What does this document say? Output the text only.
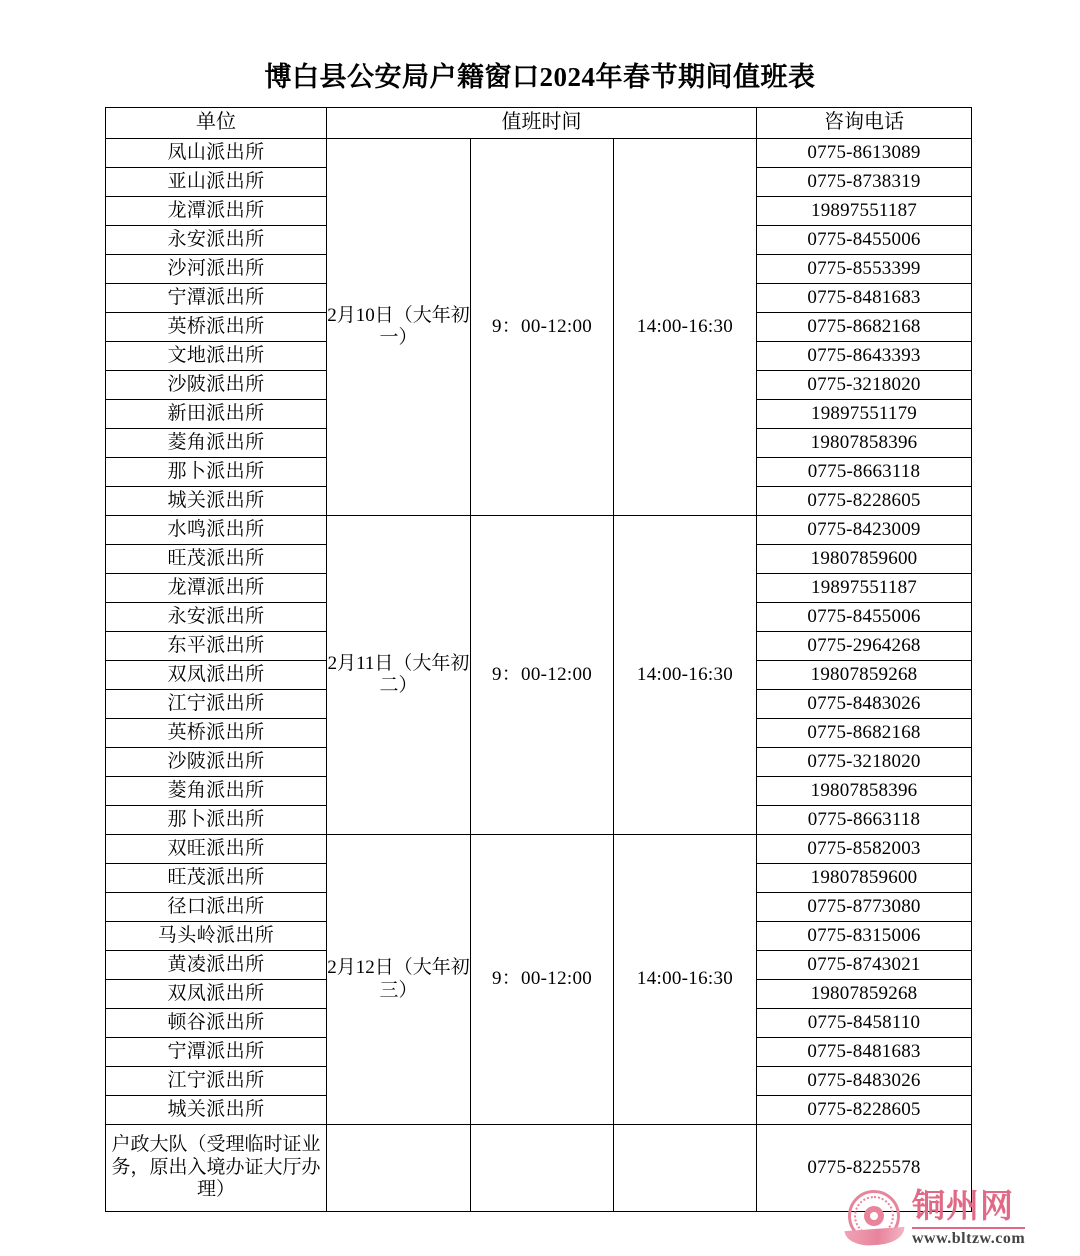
博白县公安局户籍窗口2024年春节期间值班表
单位	值班时间			咨询电话
凤山派出所	2月10日（大年初一）	9：00-12:00	14:00-16:30	0775-8613089
亚山派出所				0775-8738319
龙潭派出所				19897551187
永安派出所				0775-8455006
沙河派出所				0775-8553399
宁潭派出所				0775-8481683
英桥派出所				0775-8682168
文地派出所				0775-8643393
沙陂派出所				0775-3218020
新田派出所				19897551179
菱角派出所				19807858396
那卜派出所				0775-8663118
城关派出所				0775-8228605
水鸣派出所	2月11日（大年初二）	9：00-12:00	14:00-16:30	0775-8423009
旺茂派出所				19807859600
龙潭派出所				19897551187
永安派出所				0775-8455006
东平派出所				0775-2964268
双凤派出所				19807859268
江宁派出所				0775-8483026
英桥派出所				0775-8682168
沙陂派出所				0775-3218020
菱角派出所				19807858396
那卜派出所				0775-8663118
双旺派出所	2月12日（大年初三）	9：00-12:00	14:00-16:30	0775-8582003
旺茂派出所				19807859600
径口派出所				0775-8773080
马头岭派出所				0775-8315006
黄凌派出所				0775-8743021
双凤派出所				19807859268
顿谷派出所				0775-8458110
宁潭派出所				0775-8481683
江宁派出所				0775-8483026
城关派出所				0775-8228605
户政大队（受理临时证业务，原出入境办证大厅办理）				0775-8225578
铜州网
www.bltzw.com
